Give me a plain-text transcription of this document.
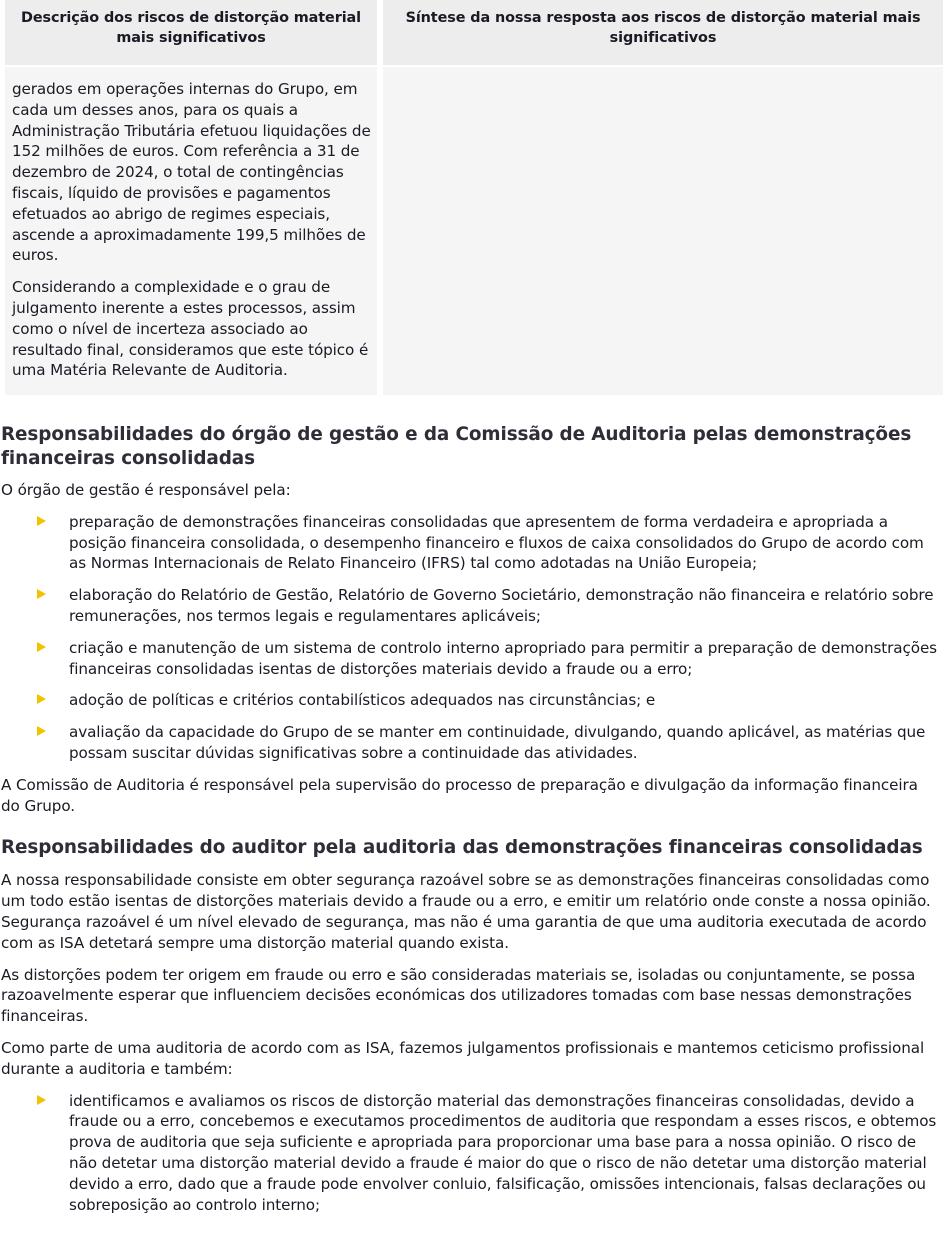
Descrição dos riscos de distorção material mais significativos
Síntese da nossa resposta aos riscos de distorção material mais significativos

gerados em operações internas do Grupo, em cada um desses anos, para os quais a Administração Tributária efetuou liquidações de 152 milhões de euros. Com referência a 31 de dezembro de 2024, o total de contingências fiscais, líquido de provisões e pagamentos efetuados ao abrigo de regimes especiais, ascende a aproximadamente 199,5 milhões de euros.

Considerando a complexidade e o grau de julgamento inerente a estes processos, assim como o nível de incerteza associado ao resultado final, consideramos que este tópico é uma Matéria Relevante de Auditoria.

Responsabilidades do órgão de gestão e da Comissão de Auditoria pelas demonstrações financeiras consolidadas

O órgão de gestão é responsável pela:

preparação de demonstrações financeiras consolidadas que apresentem de forma verdadeira e apropriada a posição financeira consolidada, o desempenho financeiro e fluxos de caixa consolidados do Grupo de acordo com as Normas Internacionais de Relato Financeiro (IFRS) tal como adotadas na União Europeia;
elaboração do Relatório de Gestão, Relatório de Governo Societário, demonstração não financeira e relatório sobre remunerações, nos termos legais e regulamentares aplicáveis;
criação e manutenção de um sistema de controlo interno apropriado para permitir a preparação de demonstrações financeiras consolidadas isentas de distorções materiais devido a fraude ou a erro;
adoção de políticas e critérios contabilísticos adequados nas circunstâncias; e
avaliação da capacidade do Grupo de se manter em continuidade, divulgando, quando aplicável, as matérias que possam suscitar dúvidas significativas sobre a continuidade das atividades.

A Comissão de Auditoria é responsável pela supervisão do processo de preparação e divulgação da informação financeira do Grupo.

Responsabilidades do auditor pela auditoria das demonstrações financeiras consolidadas

A nossa responsabilidade consiste em obter segurança razoável sobre se as demonstrações financeiras consolidadas como um todo estão isentas de distorções materiais devido a fraude ou a erro, e emitir um relatório onde conste a nossa opinião. Segurança razoável é um nível elevado de segurança, mas não é uma garantia de que uma auditoria executada de acordo com as ISA detetará sempre uma distorção material quando exista.

As distorções podem ter origem em fraude ou erro e são consideradas materiais se, isoladas ou conjuntamente, se possa razoavelmente esperar que influenciem decisões económicas dos utilizadores tomadas com base nessas demonstrações financeiras.

Como parte de uma auditoria de acordo com as ISA, fazemos julgamentos profissionais e mantemos ceticismo profissional durante a auditoria e também:

identificamos e avaliamos os riscos de distorção material das demonstrações financeiras consolidadas, devido a fraude ou a erro, concebemos e executamos procedimentos de auditoria que respondam a esses riscos, e obtemos prova de auditoria que seja suficiente e apropriada para proporcionar uma base para a nossa opinião. O risco de não detetar uma distorção material devido a fraude é maior do que o risco de não detetar uma distorção material devido a erro, dado que a fraude pode envolver conluio, falsificação, omissões intencionais, falsas declarações ou sobreposição ao controlo interno;
